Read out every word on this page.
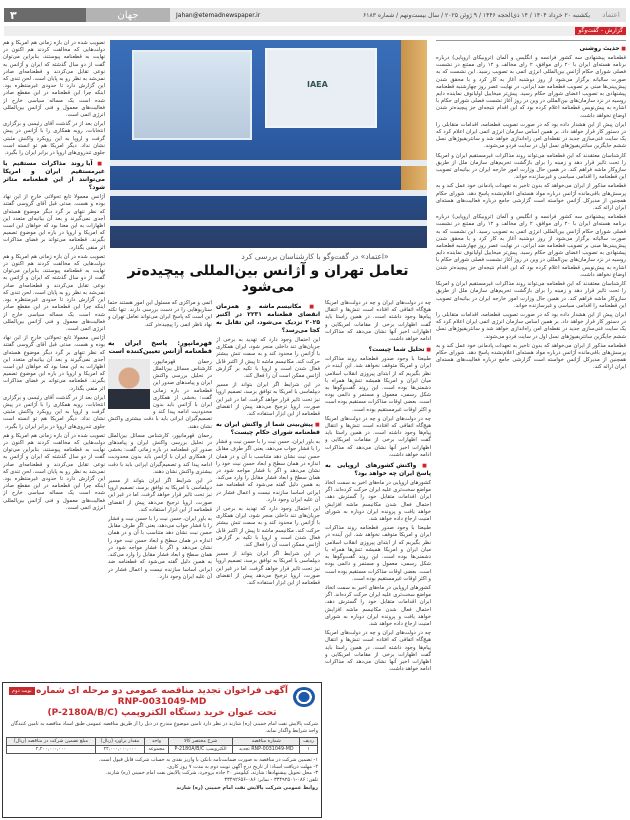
۳	جهان	Jahan@etemadnewspaper.ir	یکشنبه ۲۰ خرداد ۱۴۰۴ / ۱۴ ذی‌الحجه ۱۴۴۶ / ۹ ژوئن ۲۰۲۵ / سال بیست‌ونهم / شماره ۶۱۸۳	اعتماد
گزارش - گفت‌وگو
■ حدیث روشنی

قطعنامه پیشنهادی سه کشور فرانسه و انگلیس و آلمان (تروییکای اروپایی) درباره برنامه هسته‌ای ایران با ۲۰ رای موافق، ۲ رای مخالف و ۱۲ رای ممتنع در نشست فصلی شورای حکام آژانس بین‌المللی انرژی اتمی به تصویب رسید. این نشست که به صورت سالیانه برگزار می‌شود از روز دوشنبه آغاز به کار کرد و با محقق شدن پیش‌بینی‌ها مبنی بر تصویب قطعنامه ضد ایرانی، در نهایت عصر روز چهارشنبه قطعنامه پیشنهادی به تصویب اعضای شورای حکام رسید. پیش‌تر میخاییل اولیانوف نماینده دایم روسیه در نزد سازمان‌های بین‌المللی در وین در روز آغاز نشست فصلی شورای حکام با اشاره به پیش‌نویس قطعنامه اعلام کرده بود که این اقدام نتیجه‌ای جز پیچیده‌تر شدن اوضاع نخواهد داشت.

ایران پیش از این هشدار داده بود که در صورت تصویب قطعنامه، اقدامات متقابلی را در دستور کار قرار خواهد داد. بر همین اساس سازمان انرژی اتمی ایران اعلام کرد که یک سایت غنی‌سازی جدید در نقطه‌ای امن راه‌اندازی خواهد شد و سانتریفیوژهای نسل ششم جایگزین سانتریفیوژهای نسل اول در سایت فردو می‌شوند.

کارشناسان معتقدند که این قطعنامه می‌تواند روند مذاکرات غیرمستقیم ایران و امریکا را تحت تاثیر قرار دهد و زمینه را برای بازگشت تحریم‌های سازمان ملل از طریق سازوکار ماشه فراهم کند. در همین حال وزارت امور خارجه ایران در بیانیه‌ای تصویب این قطعنامه را اقدامی سیاسی و غیرسازنده خواند.

قطعنامه مذکور از ایران می‌خواهد که بدون تاخیر به تعهدات پادمانی خود عمل کند و به پرسش‌های باقی‌مانده آژانس درباره مواد هسته‌ای اعلام‌نشده پاسخ دهد. شورای حکام همچنین از مدیرکل آژانس خواسته است گزارشی جامع درباره فعالیت‌های هسته‌ای ایران ارائه کند.

قطعنامه پیشنهادی سه کشور فرانسه و انگلیس و آلمان (تروییکای اروپایی) درباره برنامه هسته‌ای ایران با ۲۰ رای موافق، ۲ رای مخالف و ۱۲ رای ممتنع در نشست فصلی شورای حکام آژانس بین‌المللی انرژی اتمی به تصویب رسید. این نشست که به صورت سالیانه برگزار می‌شود از روز دوشنبه آغاز به کار کرد و با محقق شدن پیش‌بینی‌ها مبنی بر تصویب قطعنامه ضد ایرانی، در نهایت عصر روز چهارشنبه قطعنامه پیشنهادی به تصویب اعضای شورای حکام رسید. پیش‌تر میخاییل اولیانوف نماینده دایم روسیه در نزد سازمان‌های بین‌المللی در وین در روز آغاز نشست فصلی شورای حکام با اشاره به پیش‌نویس قطعنامه اعلام کرده بود که این اقدام نتیجه‌ای جز پیچیده‌تر شدن اوضاع نخواهد داشت.

کارشناسان معتقدند که این قطعنامه می‌تواند روند مذاکرات غیرمستقیم ایران و امریکا را تحت تاثیر قرار دهد و زمینه را برای بازگشت تحریم‌های سازمان ملل از طریق سازوکار ماشه فراهم کند. در همین حال وزارت امور خارجه ایران در بیانیه‌ای تصویب این قطعنامه را اقدامی سیاسی و غیرسازنده خواند.

ایران پیش از این هشدار داده بود که در صورت تصویب قطعنامه، اقدامات متقابلی را در دستور کار قرار خواهد داد. بر همین اساس سازمان انرژی اتمی ایران اعلام کرد که یک سایت غنی‌سازی جدید در نقطه‌ای امن راه‌اندازی خواهد شد و سانتریفیوژهای نسل ششم جایگزین سانتریفیوژهای نسل اول در سایت فردو می‌شوند.

قطعنامه مذکور از ایران می‌خواهد که بدون تاخیر به تعهدات پادمانی خود عمل کند و به پرسش‌های باقی‌مانده آژانس درباره مواد هسته‌ای اعلام‌نشده پاسخ دهد. شورای حکام همچنین از مدیرکل آژانس خواسته است گزارشی جامع درباره فعالیت‌های هسته‌ای ایران ارائه کند.

IAEA
«اعتماد» در گفت‌وگو با کارشناسان بررسی کرد
تعامل تهران و آژانس بین‌المللی پیچیده‌تر می‌شود

تصویب شده در آن بازه زمانی هم امریکا و هم دولت‌هایی که مخالفت کردند هم اکنون در نهایت به قطعنامه پیوستند، بنابراین می‌توان گفت از دو سال گذشته که ایران و آژانس به نوعی تقابل می‌کردند و قطعنامه‌ای صادر نمی‌شد به نظر رو به پایان است. لحن تندی که این گزارش دارد تا حدودی غیرمنتظره بود. اینکه چرا این قطعنامه در این مقطع صادر شده است یک مساله سیاسی خارج از فعالیت‌های معمول و فنی آژانس بین‌المللی انرژی اتمی است.

ایران بعد از در گذشت آقای رئیسی و برگزاری انتخابات، رویه همکاری را با آژانس در پیش گرفت و اروپا به این رویکرد واکنش مثبتی نشان نداد. دیگر امریکا هم تو انسته است جلوی تندروی‌های اروپا در برابر ایران را بگیرد.

■ آیا روند مذاکرات مستقیم یا غیرمستقیم ایران و امریکا می‌توانند از این قطعنامه متاثر شود؟

آژانس معمولا تابع تحولاتی خارج از این نهاد بوده و هست. مدتی قبل آقای گروسی گفتند که نظر تنهای بر گرد دیگر موضوع هسته‌ای آجدی نمی‌گیرند و بعد آن بیانیه‌ای متعدد این اظهارات به این معنا بود که خواهان این است که امریکا و اروپا در باره این موضوع تصمیم بگیرند. قطعنامه می‌تواند بر فضای مذاکرات اثر منفی بگذارد.

تصویب شده در آن بازه زمانی هم امریکا و هم دولت‌هایی که مخالفت کردند هم اکنون در نهایت به قطعنامه پیوستند، بنابراین می‌توان گفت از دو سال گذشته که ایران و آژانس به نوعی تقابل می‌کردند و قطعنامه‌ای صادر نمی‌شد به نظر رو به پایان است. لحن تندی که این گزارش دارد تا حدودی غیرمنتظره بود. اینکه چرا این قطعنامه در این مقطع صادر شده است یک مساله سیاسی خارج از فعالیت‌های معمول و فنی آژانس بین‌المللی انرژی اتمی است.

آژانس معمولا تابع تحولاتی خارج از این نهاد بوده و هست. مدتی قبل آقای گروسی گفتند که نظر تنهای بر گرد دیگر موضوع هسته‌ای آجدی نمی‌گیرند و بعد آن بیانیه‌ای متعدد این اظهارات به این معنا بود که خواهان این است که امریکا و اروپا در باره این موضوع تصمیم بگیرند. قطعنامه می‌تواند بر فضای مذاکرات اثر منفی بگذارد.

ایران بعد از در گذشت آقای رئیسی و برگزاری انتخابات، رویه همکاری را با آژانس در پیش گرفت و اروپا به این رویکرد واکنش مثبتی نشان نداد. دیگر امریکا هم تو انسته است جلوی تندروی‌های اروپا در برابر ایران را بگیرد.

تصویب شده در آن بازه زمانی هم امریکا و هم دولت‌هایی که مخالفت کردند هم اکنون در نهایت به قطعنامه پیوستند، بنابراین می‌توان گفت از دو سال گذشته که ایران و آژانس به نوعی تقابل می‌کردند و قطعنامه‌ای صادر نمی‌شد به نظر رو به پایان است. لحن تندی که این گزارش دارد تا حدودی غیرمنتظره بود. اینکه چرا این قطعنامه در این مقطع صادر شده است یک مساله سیاسی خارج از فعالیت‌های معمول و فنی آژانس بین‌المللی انرژی اتمی است.

چه در دولت‌های ایران و چه در دولت‌های امریکا هیچ‌گاه اتفاقی که افتاده است تنش‌ها و انتقال پیام‌ها وجود داشته است. در همین راستا باید گفت اظهارات برخی از مقامات امریکایی و اظهارات اخیر آنها نشان می‌دهد که مذاکرات ادامه خواهد داشت.

■ تحلیل شما چیست؟

طبیعتا با وجود صدور قطعنامه روند مذاکرات ایران و امریکا متوقف نخواهد شد. این آینده در نظر بگیریم که از ابتدای پیروزی انقلاب اسلامی میان ایران و امریکا همیشه تنش‌ها همراه با دشمنی‌ها بوده است. این روند گفت‌وگوها به شکل رسمی، معمول و مستمر و دائمی بوده است. بعضی اوقات مذاکرات مستقیم بوده است و اکثر اوقات غیرمستقیم بوده است.

چه در دولت‌های ایران و چه در دولت‌های امریکا هیچ‌گاه اتفاقی که افتاده است تنش‌ها و انتقال پیام‌ها وجود داشته است. در همین راستا باید گفت اظهارات برخی از مقامات امریکایی و اظهارات اخیر آنها نشان می‌دهد که مذاکرات ادامه خواهد داشت.

■ واکنش کشورهای اروپایی به پاسخ ایران چه خواهد بود؟

کشورهای اروپایی در ماه‌های اخیر به سمت اتخاذ مواضع سخت‌تری علیه ایران حرکت کرده‌اند. اگر ایران اقدامات متقابل خود را گسترش دهد، احتمال فعال شدن مکانیسم ماشه افزایش خواهد یافت و پرونده ایران دوباره به شورای امنیت ارجاع داده خواهد شد.

طبیعتا با وجود صدور قطعنامه روند مذاکرات ایران و امریکا متوقف نخواهد شد. این آینده در نظر بگیریم که از ابتدای پیروزی انقلاب اسلامی میان ایران و امریکا همیشه تنش‌ها همراه با دشمنی‌ها بوده است. این روند گفت‌وگوها به شکل رسمی، معمول و مستمر و دائمی بوده است. بعضی اوقات مذاکرات مستقیم بوده است و اکثر اوقات غیرمستقیم بوده است.

کشورهای اروپایی در ماه‌های اخیر به سمت اتخاذ مواضع سخت‌تری علیه ایران حرکت کرده‌اند. اگر ایران اقدامات متقابل خود را گسترش دهد، احتمال فعال شدن مکانیسم ماشه افزایش خواهد یافت و پرونده ایران دوباره به شورای امنیت ارجاع داده خواهد شد.

چه در دولت‌های ایران و چه در دولت‌های امریکا هیچ‌گاه اتفاقی که افتاده است تنش‌ها و انتقال پیام‌ها وجود داشته است. در همین راستا باید گفت اظهارات برخی از مقامات امریکایی و اظهارات اخیر آنها نشان می‌دهد که مذاکرات ادامه خواهد داشت.

■ مکانیسم ماشه و همزمان انقضای قطعنامه ۲۲۳۱ در اکتبر ۲۰۲۵ نزدیک می‌شود، این تقابل به کجا می‌رسد؟

این احتمال وجود دارد که تهدید به برخی از جریان‌های تند داخلی منجر شود، ایران همکاری با آژانس را محدود کند و به سمت تنش بیشتر حرکت کند. مکانیسم ماشه تا پیش از اکتبر قابل فعال شدن است و اروپا با تکیه بر گزارش آژانس ممکن است آن را فعال کند.

در این شرایط اگر ایران بتواند از مسیر دیپلماسی با امریکا به توافق برسد، تصمیم اروپا نیز تحت تاثیر قرار خواهد گرفت. اما در غیر این صورت، اروپا ترجیح می‌دهد پیش از انقضای قطعنامه از این ابزار استفاده کند.

■ پیش‌بینی شما از واکنش ایران به قطعنامه شورای حکام چیست؟

به باور ایران، حسن نیت را با حسن نیت و فشار را با فشار جواب می‌دهد، یعنی اگر طرف مقابل حسن نیت نشان دهد متناسب با آن و در همان اندازه در همان سطح و ابعاد حسن نیت خود را نشان می‌دهد و اگر با فشار مواجه شود در همان سطح و ابعاد فشار مقابل را وارد می‌کند. به همین دلیل گفته می‌شود که قطعنامه ضد ایرانی اساسا سازنده نیست و اعمال فشار در آن علیه ایران وجود دارد.

این احتمال وجود دارد که تهدید به برخی از جریان‌های تند داخلی منجر شود، ایران همکاری با آژانس را محدود کند و به سمت تنش بیشتر حرکت کند. مکانیسم ماشه تا پیش از اکتبر قابل فعال شدن است و اروپا با تکیه بر گزارش آژانس ممکن است آن را فعال کند.

در این شرایط اگر ایران بتواند از مسیر دیپلماسی با امریکا به توافق برسد، تصمیم اروپا نیز تحت تاثیر قرار خواهد گرفت. اما در غیر این صورت، اروپا ترجیح می‌دهد پیش از انقضای قطعنامه از این ابزار استفاده کند.

اتمی و مراکزی که مسئول این امور هستند حتما سناریوهایی را در دست بررسی دارند. تنها نکته این است که پاسخ ایران می‌تواند تعامل تهران و نهاد ناظر اتمی را پیچیده‌تر کند.

فهرمانپور: پاسخ ایران به قطعنامه آژانس تعیین‌کننده است

رحمان قهرمانپور، کارشناس مسائل بین‌الملل در تحلیل بررسی واکنش ایران و پیامدهای صدور این قطعنامه در باره زمانی گفت: بخشی از همکاری ایران با آژانس باید بدون محدودیت ادامه پیدا کند و تصمیم‌گیران ایرانی باید با دقت بیشتری واکنش نشان دهند.

رحمان قهرمانپور، کارشناس مسائل بین‌الملل در تحلیل بررسی واکنش ایران و پیامدهای صدور این قطعنامه در باره زمانی گفت: بخشی از همکاری ایران با آژانس باید بدون محدودیت ادامه پیدا کند و تصمیم‌گیران ایرانی باید با دقت بیشتری واکنش نشان دهند.

در این شرایط اگر ایران بتواند از مسیر دیپلماسی با امریکا به توافق برسد، تصمیم اروپا نیز تحت تاثیر قرار خواهد گرفت. اما در غیر این صورت، اروپا ترجیح می‌دهد پیش از انقضای قطعنامه از این ابزار استفاده کند.

به باور ایران، حسن نیت را با حسن نیت و فشار را با فشار جواب می‌دهد، یعنی اگر طرف مقابل حسن نیت نشان دهد متناسب با آن و در همان اندازه در همان سطح و ابعاد حسن نیت خود را نشان می‌دهد و اگر با فشار مواجه شود در همان سطح و ابعاد فشار مقابل را وارد می‌کند. به همین دلیل گفته می‌شود که قطعنامه ضد ایرانی اساسا سازنده نیست و اعمال فشار در آن علیه ایران وجود دارد.

نوبت دوم آگهی فراخوان تجدید مناقصه عمومی دو مرحله ای شماره RNP-0031049-MD
تحت عنوان خرید دستگاه الکتروپمپ (P-2180A/B/C)
شرکت پالایش نفت امام خمینی (ره) شازند در نظر دارد تامین موضوع مندرج در ذیل را از طریق مناقصه عمومی طبق اسناد مناقصه به تامین کنندگان واجد شرایط واگذار نماید.
ردیف	شماره مناقصه	شرح مختصر کالا	واحد	مقدار برآورد (ریال)	مبلغ تضمین شرکت در مناقصه (ریال)
۱	RNP-0031049-MD تجدید	الکتروپمپ P-2180A/B/C	مجموعه	۴۴,۰۰۰,۰۰۰,۰۰۰	۲,۲۰۰,۰۰۰,۰۰۰
۱- تضمین شرکت در مناقصه به صورت ضمانت‌نامه بانکی یا واریز نقدی به حساب شرکت قابل قبول است.
۲- مهلت دریافت اسناد: از تاریخ درج آگهی نوبت دوم به مدت ۷ روز کاری.
۳- محل تحویل پیشنهادها: شازند، کیلومتر ۲۰ جاده بروجرد، شرکت پالایش نفت امام خمینی (ره) شازند.
تلفن: ۰۸۶-۳۳۴۹۲۵۰۱ - نمابر: ۰۸۶-۳۳۴۹۲۶۵۶
روابط عمومی شرکت پالایش نفت امام خمینی (ره) شازند
